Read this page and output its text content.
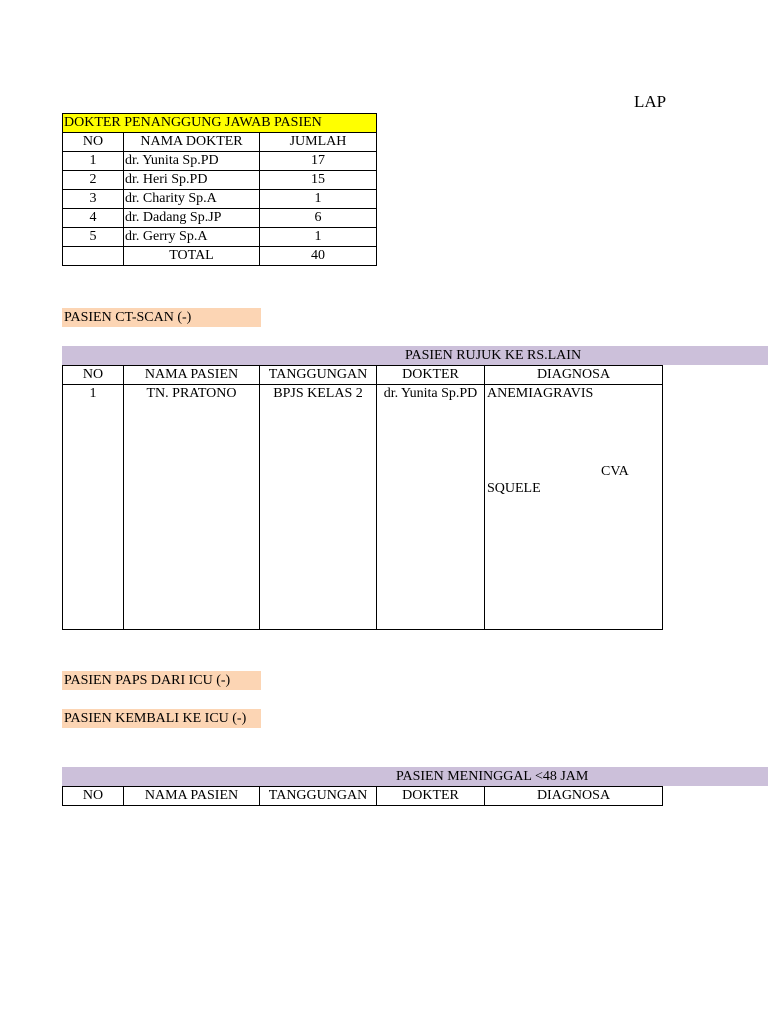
LAP
DOKTER PENANGGUNG JAWAB PASIEN		
NO	NAMA DOKTER	JUMLAH
1	dr. Yunita Sp.PD	17
2	dr. Heri Sp.PD	15
3	dr. Charity Sp.A	1
4	dr. Dadang Sp.JP	6
5	dr. Gerry Sp.A	1
	TOTAL	40
PASIEN CT-SCAN (-)
PASIEN RUJUK KE RS.LAIN
NO	NAMA PASIEN	TANGGUNGAN	DOKTER	DIAGNOSA
1	TN. PRATONO	BPJS KELAS 2	dr. Yunita Sp.PD	ANEMIAGRAVIS
CVA
SQUELE
PASIEN PAPS DARI ICU (-)
PASIEN KEMBALI KE ICU (-)
PASIEN MENINGGAL <48 JAM
NO	NAMA PASIEN	TANGGUNGAN	DOKTER	DIAGNOSA
